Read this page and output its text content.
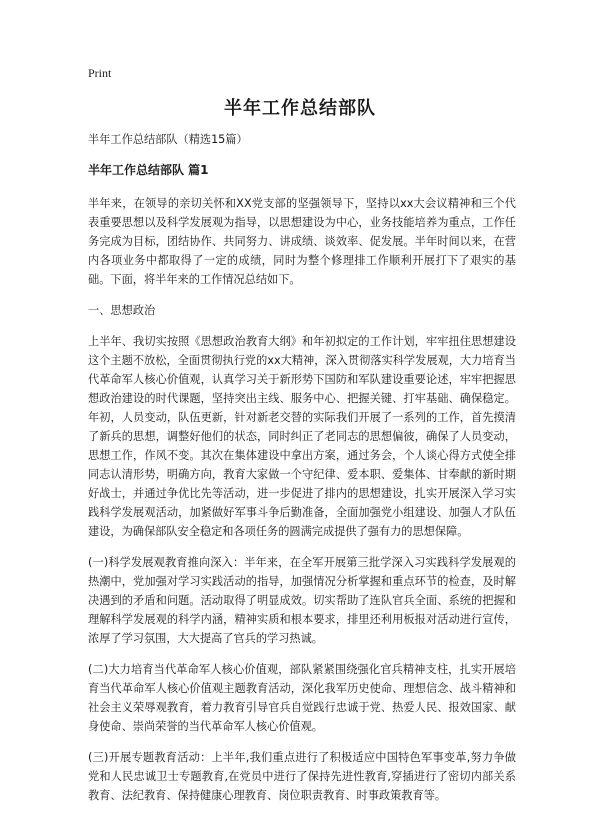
Print
半年工作总结部队

半年工作总结部队（精选15篇）

半年工作总结部队 篇1

半年来，在领导的亲切关怀和XX党支部的坚强领导下，坚持以xx大会议精神和三个代表重要思想以及科学发展观为指导，以思想建设为中心，业务技能培养为重点，工作任务完成为目标，团结协作、共同努力、讲成绩、谈效率、促发展。半年时间以来，在营内各项业务中都取得了一定的成绩，同时为整个修理排工作顺利开展打下了艰实的基础。下面，将半年来的工作情况总结如下。

一、思想政治

上半年、我切实按照《思想政治教育大纲》和年初拟定的工作计划，牢牢扭住思想建设这个主题不放松，全面贯彻执行党的xx大精神，深入贯彻落实科学发展观，大力培育当代革命军人核心价值观，认真学习关于新形势下国防和军队建设重要论述，牢牢把握思想政治建设的时代课题，坚持突出主线、服务中心、把握关键、打牢基础、确保稳定。年初，人员变动，队伍更新，针对新老交替的实际我们开展了一系列的工作，首先摸清了新兵的思想，调整好他们的状态，同时纠正了老同志的思想偏彼，确保了人员变动，思想工作，作风不变。其次在集体建设中拿出方案，通过务会，个人谈心得方式使全排同志认清形势，明确方向，教育大家做一个守纪律、爱本职、爱集体、甘奉献的新时期好战士，并通过争优比先等活动，进一步促进了排内的思想建设，扎实开展深入学习实践科学发展观活动，加紧做好军事斗争后勤准备，全面加强党小组建设、加强人才队伍建设，为确保部队安全稳定和各项任务的圆满完成提供了强有力的思想保障。

(一)科学发展观教育推向深入：半年来，在全军开展第三批学深入习实践科学发展观的热潮中，党加强对学习实践活动的指导，加强情况分析掌握和重点环节的检查，及时解决遇到的矛盾和问题。活动取得了明显成效。切实帮助了连队官兵全面、系统的把握和理解科学发展观的科学内涵，精神实质和根本要求，排里还利用板报对活动进行宣传，浓厚了学习氛围，大大提高了官兵的学习热诚。

(二)大力培育当代革命军人核心价值观，部队紧紧围绕强化官兵精神支柱，扎实开展培育当代革命军人核心价值观主题教育活动，深化我军历史使命、理想信念、战斗精神和社会主义荣辱观教育，着力教育引导官兵自觉践行忠诚于党、热爱人民、报效国家、献身使命、崇尚荣誉的当代革命军人核心价值观。

(三)开展专题教育活动：上半年,我们重点进行了积极适应中国特色军事变革,努力争做党和人民忠诚卫士专题教育,在党员中进行了保持先进性教育,穿插进行了密切内部关系教育、法纪教育、保持健康心理教育、岗位职责教育、时事政策教育等。
